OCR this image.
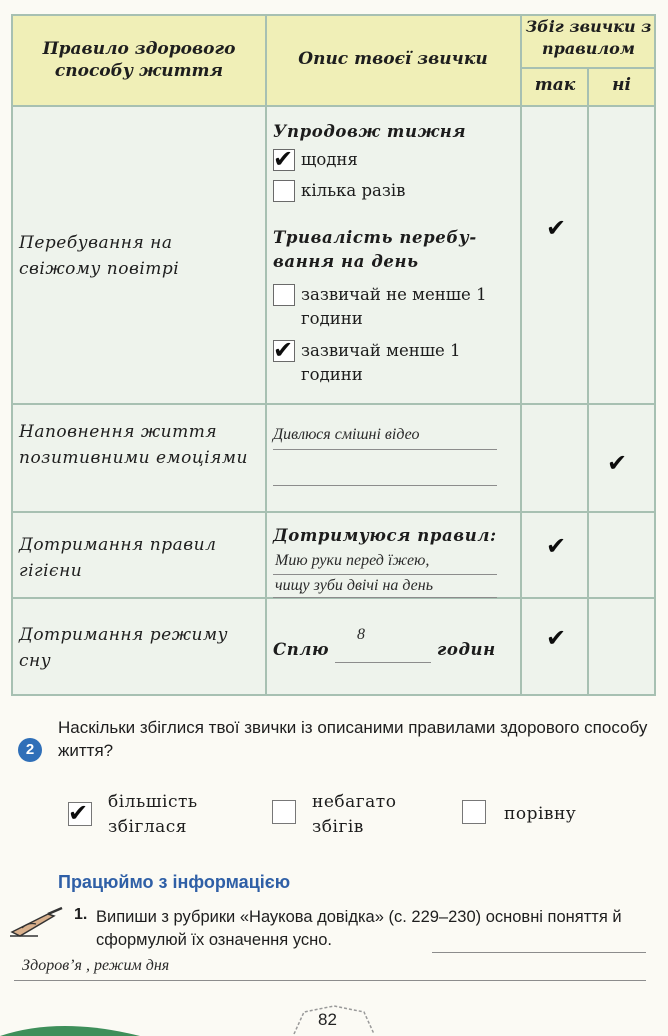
Правило здорового способу життя
Опис твоєї звички
Збіг звички з правилом
так	ні
Перебування на свіжому повітрі
Упродовж тижня
✔ щодня
кілька разів
Тривалість перебу-вання на день
зазвичай не менше 1 години
✔ зазвичай менше 1 години
✔
Наповнення життя позитивними емоціями
Дивлюся смішні відео
✔
Дотримання правил гігієни
Дотримуюся правил:
Мию руки перед їжею,
чищу зуби двічі на день
✔
Дотримання режиму сну
Сплю
8
годин ✔
2
Наскільки збіглися твої звички із описаними правилами здорового способу життя?
✔ більшість збіглася
небагато збігів
порівну
Працюймо з інформацією
1. Випиши з рубрики «Наукова довідка» (с. 229–230) основні поняття й сформулюй їх означення усно.
Здоров’я , режим дня
82
